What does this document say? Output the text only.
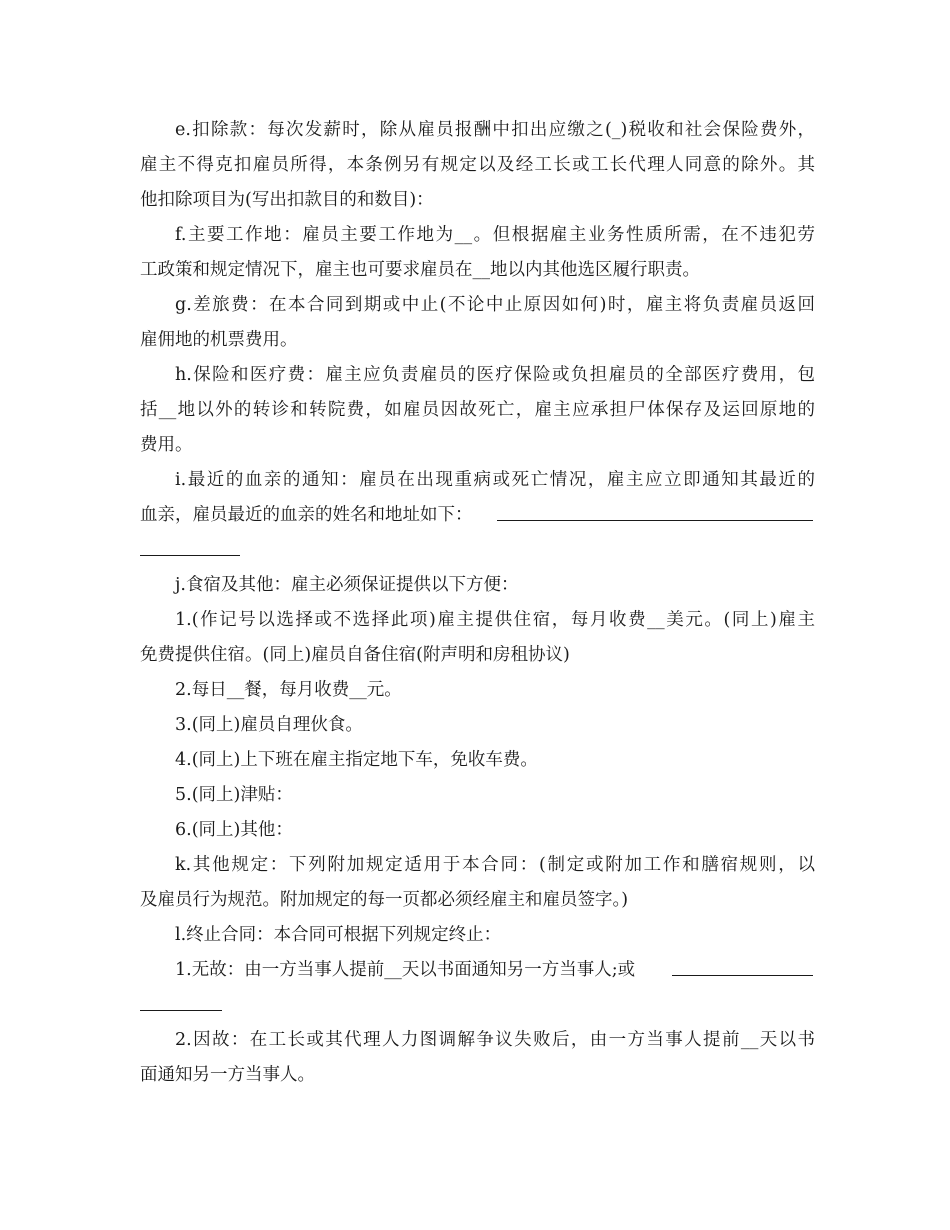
e.扣除款：每次发薪时，除从雇员报酬中扣出应缴之(_)税收和社会保险费外，
雇主不得克扣雇员所得，本条例另有规定以及经工长或工长代理人同意的除外。其
他扣除项目为(写出扣款目的和数目)：
f.主要工作地：雇员主要工作地为__。但根据雇主业务性质所需，在不违犯劳
工政策和规定情况下，雇主也可要求雇员在__地以内其他选区履行职责。
g.差旅费：在本合同到期或中止(不论中止原因如何)时，雇主将负责雇员返回
雇佣地的机票费用。
h.保险和医疗费：雇主应负责雇员的医疗保险或负担雇员的全部医疗费用，包
括__地以外的转诊和转院费，如雇员因故死亡，雇主应承担尸体保存及运回原地的
费用。
i.最近的血亲的通知：雇员在出现重病或死亡情况，雇主应立即通知其最近的
血亲，雇员最近的血亲的姓名和地址如下：
j.食宿及其他：雇主必须保证提供以下方便：
1.(作记号以选择或不选择此项)雇主提供住宿，每月收费__美元。(同上)雇主
免费提供住宿。(同上)雇员自备住宿(附声明和房租协议)
2.每日__餐，每月收费__元。
3.(同上)雇员自理伙食。
4.(同上)上下班在雇主指定地下车，免收车费。
5.(同上)津贴：
6.(同上)其他：
k.其他规定：下列附加规定适用于本合同：(制定或附加工作和膳宿规则，以
及雇员行为规范。附加规定的每一页都必须经雇主和雇员签字。)
l.终止合同：本合同可根据下列规定终止：
1.无故：由一方当事人提前__天以书面通知另一方当事人;或
2.因故：在工长或其代理人力图调解争议失败后，由一方当事人提前__天以书
面通知另一方当事人。
